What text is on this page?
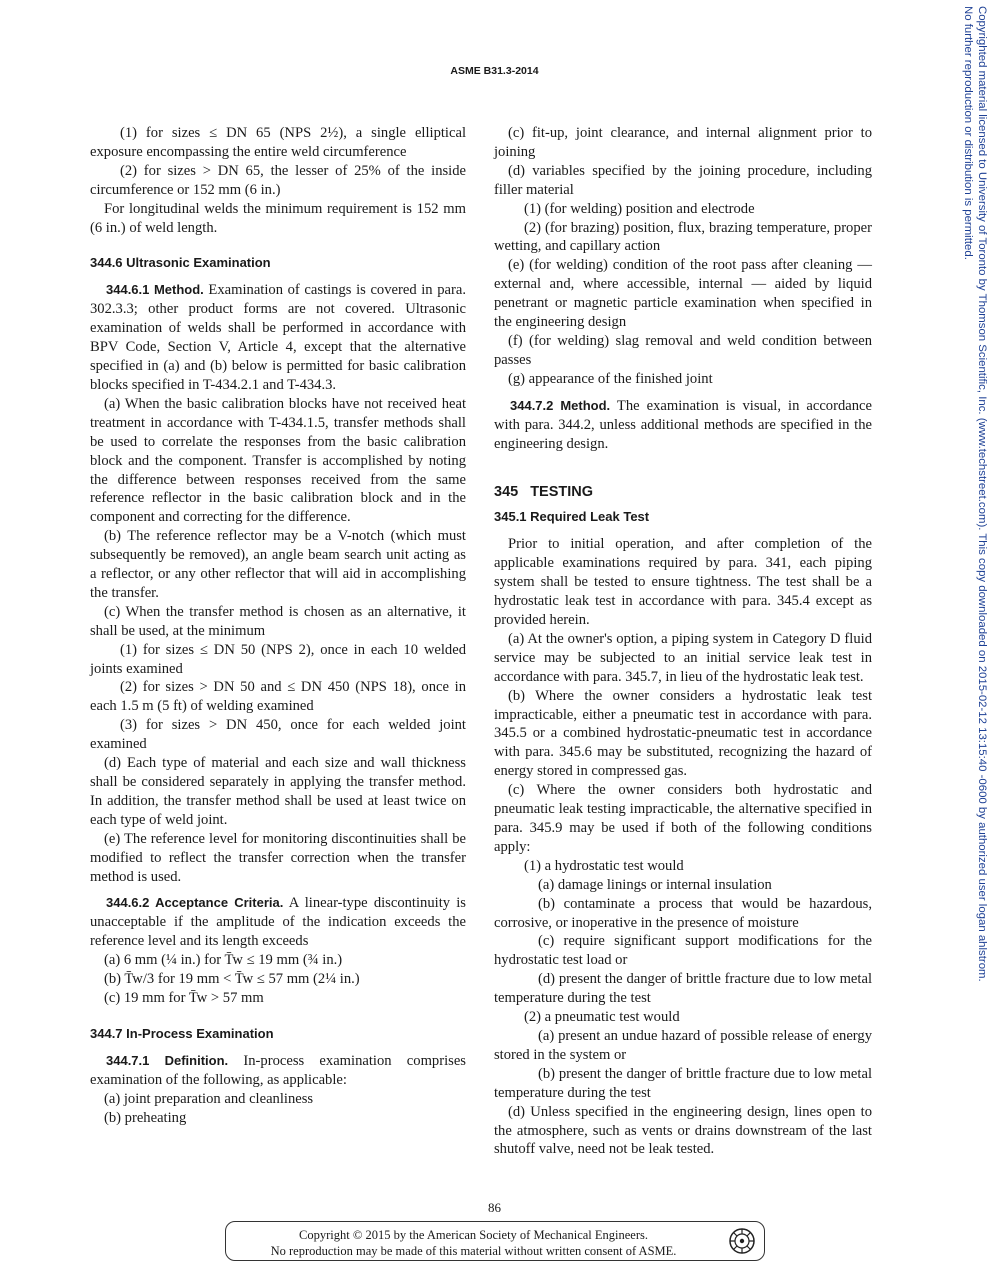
ASME B31.3-2014

(1) for sizes ≤ DN 65 (NPS 2½), a single elliptical exposure encompassing the entire weld circumference

(2) for sizes > DN 65, the lesser of 25% of the inside circumference or 152 mm (6 in.)

For longitudinal welds the minimum requirement is 152 mm (6 in.) of weld length.

344.6 Ultrasonic Examination

344.6.1 Method. Examination of castings is covered in para. 302.3.3; other product forms are not covered. Ultrasonic examination of welds shall be performed in accordance with BPV Code, Section V, Article 4, except that the alternative specified in (a) and (b) below is permitted for basic calibration blocks specified in T-434.2.1 and T-434.3.

(a) When the basic calibration blocks have not received heat treatment in accordance with T-434.1.5, transfer methods shall be used to correlate the responses from the basic calibration block and the component. Transfer is accomplished by noting the difference between responses received from the same reference reflector in the basic calibration block and in the component and correcting for the difference.

(b) The reference reflector may be a V-notch (which must subsequently be removed), an angle beam search unit acting as a reflector, or any other reflector that will aid in accomplishing the transfer.

(c) When the transfer method is chosen as an alternative, it shall be used, at the minimum

(1) for sizes ≤ DN 50 (NPS 2), once in each 10 welded joints examined

(2) for sizes > DN 50 and ≤ DN 450 (NPS 18), once in each 1.5 m (5 ft) of welding examined

(3) for sizes > DN 450, once for each welded joint examined

(d) Each type of material and each size and wall thickness shall be considered separately in applying the transfer method. In addition, the transfer method shall be used at least twice on each type of weld joint.

(e) The reference level for monitoring discontinuities shall be modified to reflect the transfer correction when the transfer method is used.

344.6.2 Acceptance Criteria. A linear-type discontinuity is unacceptable if the amplitude of the indication exceeds the reference level and its length exceeds

(a) 6 mm (¼ in.) for T̄w ≤ 19 mm (¾ in.)

(b) T̄w/3 for 19 mm < T̄w ≤ 57 mm (2¼ in.)

(c) 19 mm for T̄w > 57 mm

344.7 In-Process Examination

344.7.1 Definition. In-process examination comprises examination of the following, as applicable:

(a) joint preparation and cleanliness

(b) preheating

(c) fit-up, joint clearance, and internal alignment prior to joining

(d) variables specified by the joining procedure, including filler material

(1) (for welding) position and electrode

(2) (for brazing) position, flux, brazing temperature, proper wetting, and capillary action

(e) (for welding) condition of the root pass after cleaning — external and, where accessible, internal — aided by liquid penetrant or magnetic particle examination when specified in the engineering design

(f) (for welding) slag removal and weld condition between passes

(g) appearance of the finished joint

344.7.2 Method. The examination is visual, in accordance with para. 344.2, unless additional methods are specified in the engineering design.

345 TESTING
345.1 Required Leak Test

Prior to initial operation, and after completion of the applicable examinations required by para. 341, each piping system shall be tested to ensure tightness. The test shall be a hydrostatic leak test in accordance with para. 345.4 except as provided herein.

(a) At the owner's option, a piping system in Category D fluid service may be subjected to an initial service leak test in accordance with para. 345.7, in lieu of the hydrostatic leak test.

(b) Where the owner considers a hydrostatic leak test impracticable, either a pneumatic test in accordance with para. 345.5 or a combined hydrostatic-pneumatic test in accordance with para. 345.6 may be substituted, recognizing the hazard of energy stored in compressed gas.

(c) Where the owner considers both hydrostatic and pneumatic leak testing impracticable, the alternative specified in para. 345.9 may be used if both of the following conditions apply:

(1) a hydrostatic test would

(a) damage linings or internal insulation

(b) contaminate a process that would be hazardous, corrosive, or inoperative in the presence of moisture

(c) require significant support modifications for the hydrostatic test load or

(d) present the danger of brittle fracture due to low metal temperature during the test

(2) a pneumatic test would

(a) present an undue hazard of possible release of energy stored in the system or

(b) present the danger of brittle fracture due to low metal temperature during the test

(d) Unless specified in the engineering design, lines open to the atmosphere, such as vents or drains downstream of the last shutoff valve, need not be leak tested.

86
Copyright © 2015 by the American Society of Mechanical Engineers.
No reproduction may be made of this material without written consent of ASME.
Copyrighted material licensed to University of Toronto by Thomson Scientific, Inc. (www.techstreet.com). This copy downloaded on 2015-02-12 13:15:40 -0600 by authorized user logan ahlstrom.
No further reproduction or distribution is permitted.
